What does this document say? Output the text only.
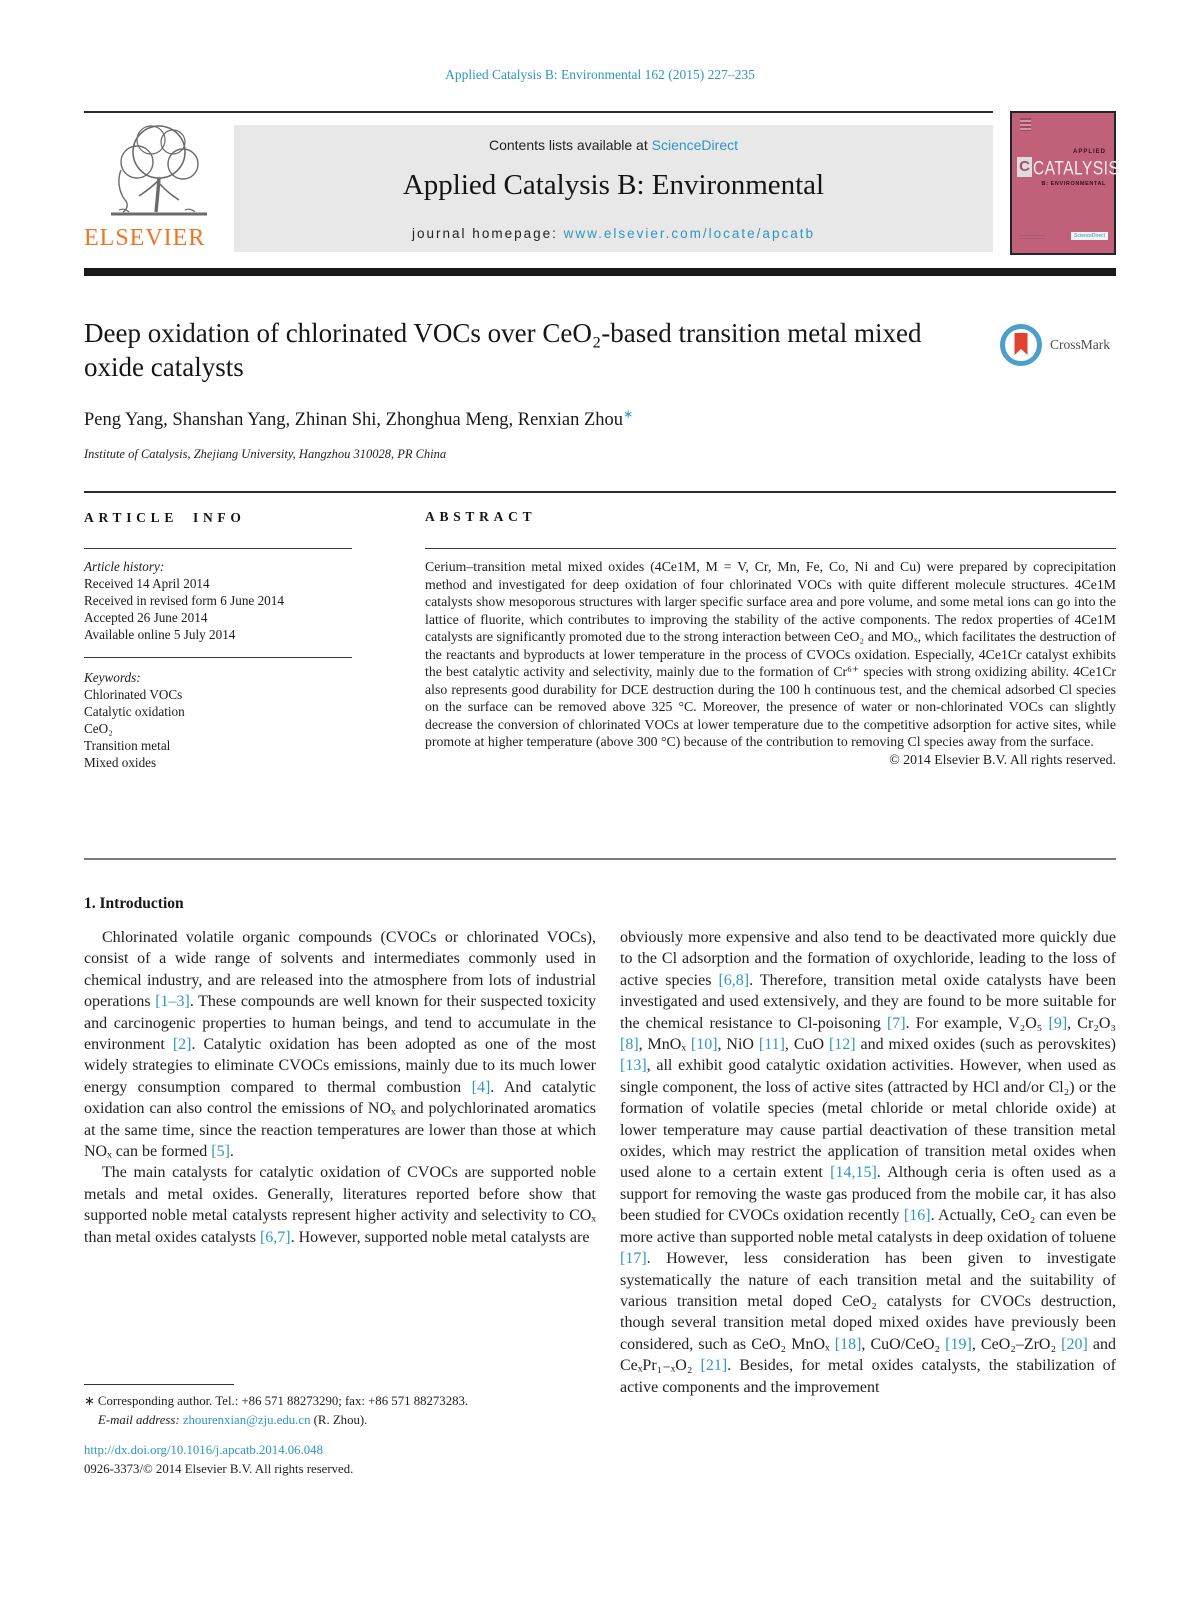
Applied Catalysis B: Environmental 162 (2015) 227–235
ELSEVIER
Contents lists available at ScienceDirect
Applied Catalysis B: Environmental
journal homepage: www.elsevier.com/locate/apcatb
APPLIED
C CATALYSIS
B: ENVIRONMENTAL
ScienceDirect
Deep oxidation of chlorinated VOCs over CeO₂-based transition metal mixed oxide catalysts
CrossMark
Peng Yang, Shanshan Yang, Zhinan Shi, Zhonghua Meng, Renxian Zhou∗
Institute of Catalysis, Zhejiang University, Hangzhou 310028, PR China
ARTICLE INFO
Article history:
Received 14 April 2014
Received in revised form 6 June 2014
Accepted 26 June 2014
Available online 5 July 2014
Keywords:
Chlorinated VOCs
Catalytic oxidation
CeO₂
Transition metal
Mixed oxides
ABSTRACT
Cerium–transition metal mixed oxides (4Ce1M, M = V, Cr, Mn, Fe, Co, Ni and Cu) were prepared by coprecipitation method and investigated for deep oxidation of four chlorinated VOCs with quite different molecule structures. 4Ce1M catalysts show mesoporous structures with larger specific surface area and pore volume, and some metal ions can go into the lattice of fluorite, which contributes to improving the stability of the active components. The redox properties of 4Ce1M catalysts are significantly promoted due to the strong interaction between CeO₂ and MOₓ, which facilitates the destruction of the reactants and byproducts at lower temperature in the process of CVOCs oxidation. Especially, 4Ce1Cr catalyst exhibits the best catalytic activity and selectivity, mainly due to the formation of Cr⁶⁺ species with strong oxidizing ability. 4Ce1Cr also represents good durability for DCE destruction during the 100 h continuous test, and the chemical adsorbed Cl species on the surface can be removed above 325 °C. Moreover, the presence of water or non-chlorinated VOCs can slightly decrease the conversion of chlorinated VOCs at lower temperature due to the competitive adsorption for active sites, while promote at higher temperature (above 300 °C) because of the contribution to removing Cl species away from the surface.
© 2014 Elsevier B.V. All rights reserved.
1. Introduction

Chlorinated volatile organic compounds (CVOCs or chlorinated VOCs), consist of a wide range of solvents and intermediates commonly used in chemical industry, and are released into the atmosphere from lots of industrial operations [1–3]. These compounds are well known for their suspected toxicity and carcinogenic properties to human beings, and tend to accumulate in the environment [2]. Catalytic oxidation has been adopted as one of the most widely strategies to eliminate CVOCs emissions, mainly due to its much lower energy consumption compared to thermal combustion [4]. And catalytic oxidation can also control the emissions of NOₓ and polychlorinated aromatics at the same time, since the reaction temperatures are lower than those at which NOₓ can be formed [5].

The main catalysts for catalytic oxidation of CVOCs are supported noble metals and metal oxides. Generally, literatures reported before show that supported noble metal catalysts represent higher activity and selectivity to COₓ than metal oxides catalysts [6,7]. However, supported noble metal catalysts are

obviously more expensive and also tend to be deactivated more quickly due to the Cl adsorption and the formation of oxychloride, leading to the loss of active species [6,8]. Therefore, transition metal oxide catalysts have been investigated and used extensively, and they are found to be more suitable for the chemical resistance to Cl-poisoning [7]. For example, V₂O₅ [9], Cr₂O₃ [8], MnOₓ [10], NiO [11], CuO [12] and mixed oxides (such as perovskites) [13], all exhibit good catalytic oxidation activities. However, when used as single component, the loss of active sites (attracted by HCl and/or Cl₂) or the formation of volatile species (metal chloride or metal chloride oxide) at lower temperature may cause partial deactivation of these transition metal oxides, which may restrict the application of transition metal oxides when used alone to a certain extent [14,15]. Although ceria is often used as a support for removing the waste gas produced from the mobile car, it has also been studied for CVOCs oxidation recently [16]. Actually, CeO₂ can even be more active than supported noble metal catalysts in deep oxidation of toluene [17]. However, less consideration has been given to investigate systematically the nature of each transition metal and the suitability of various transition metal doped CeO₂ catalysts for CVOCs destruction, though several transition metal doped mixed oxides have previously been considered, such as CeO₂ MnOₓ [18], CuO/CeO₂ [19], CeO₂–ZrO₂ [20] and CeₓPr₁₋ₓO₂ [21]. Besides, for metal oxides catalysts, the stabilization of active components and the improvement

∗ Corresponding author. Tel.: +86 571 88273290; fax: +86 571 88273283.
E-mail address: zhourenxian@zju.edu.cn (R. Zhou).
http://dx.doi.org/10.1016/j.apcatb.2014.06.048
0926-3373/© 2014 Elsevier B.V. All rights reserved.
